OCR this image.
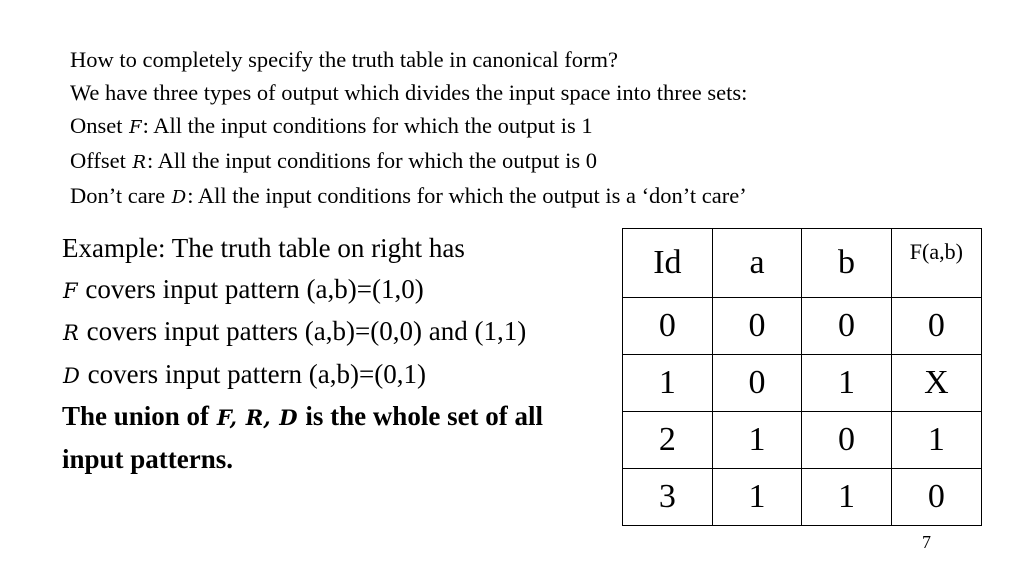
How to completely specify the truth table in canonical form?
We have three types of output which divides the input space into three sets:
Onset F: All the input conditions for which the output is 1
Offset R: All the input conditions for which the output is 0
Don’t care D: All the input conditions for which the output is a ‘don’t care’
Example: The truth table on right has
F covers input pattern (a,b)=(1,0)
R covers input patters (a,b)=(0,0) and (1,1)
D covers input pattern (a,b)=(0,1)
The union of F, R, D is the whole set of all input patterns.
Id	a	b	F(a,b)
0	0	0	0
1	0	1	X
2	1	0	1
3	1	1	0
7
